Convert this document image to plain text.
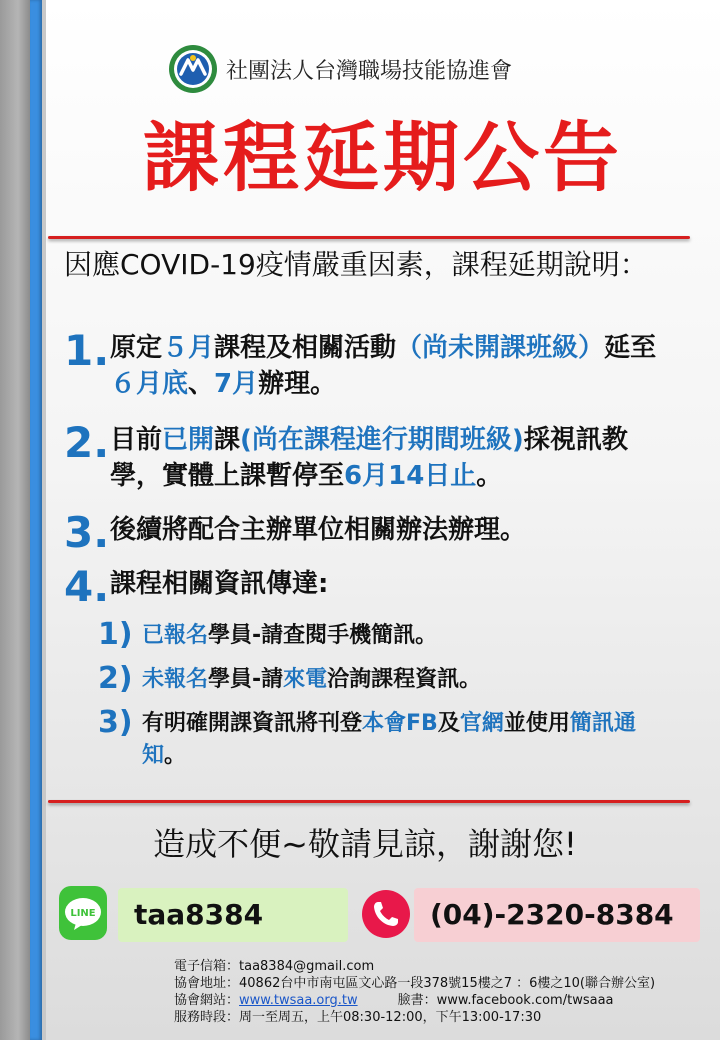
社團法人台灣職場技能協進會
課程延期公告
因應COVID-19疫情嚴重因素，課程延期說明：
1. 原定５月課程及相關活動（尚未開課班級）延至６月底、7月辦理。
2. 目前已開課(尚在課程進行期間班級)採視訊教學，實體上課暫停至6月14日止。
3. 後續將配合主辦單位相關辦法辦理。
4. 課程相關資訊傳達:
1) 已報名學員-請查閱手機簡訊。
2) 未報名學員-請來電洽詢課程資訊。
3) 有明確開課資訊將刊登本會FB及官網並使用簡訊通知。
造成不便~敬請見諒，謝謝您!
LINE	taa8384	(04)-2320-8384
電子信箱：taa8384@gmail.com
協會地址：40862台中市南屯區文心路一段378號15樓之7 ：6樓之10(聯合辦公室)
協會網站：www.twsaa.org.tw	臉書：www.facebook.com/twsaaa
服務時段：周一至周五，上午08:30-12:00，下午13:00-17:30
